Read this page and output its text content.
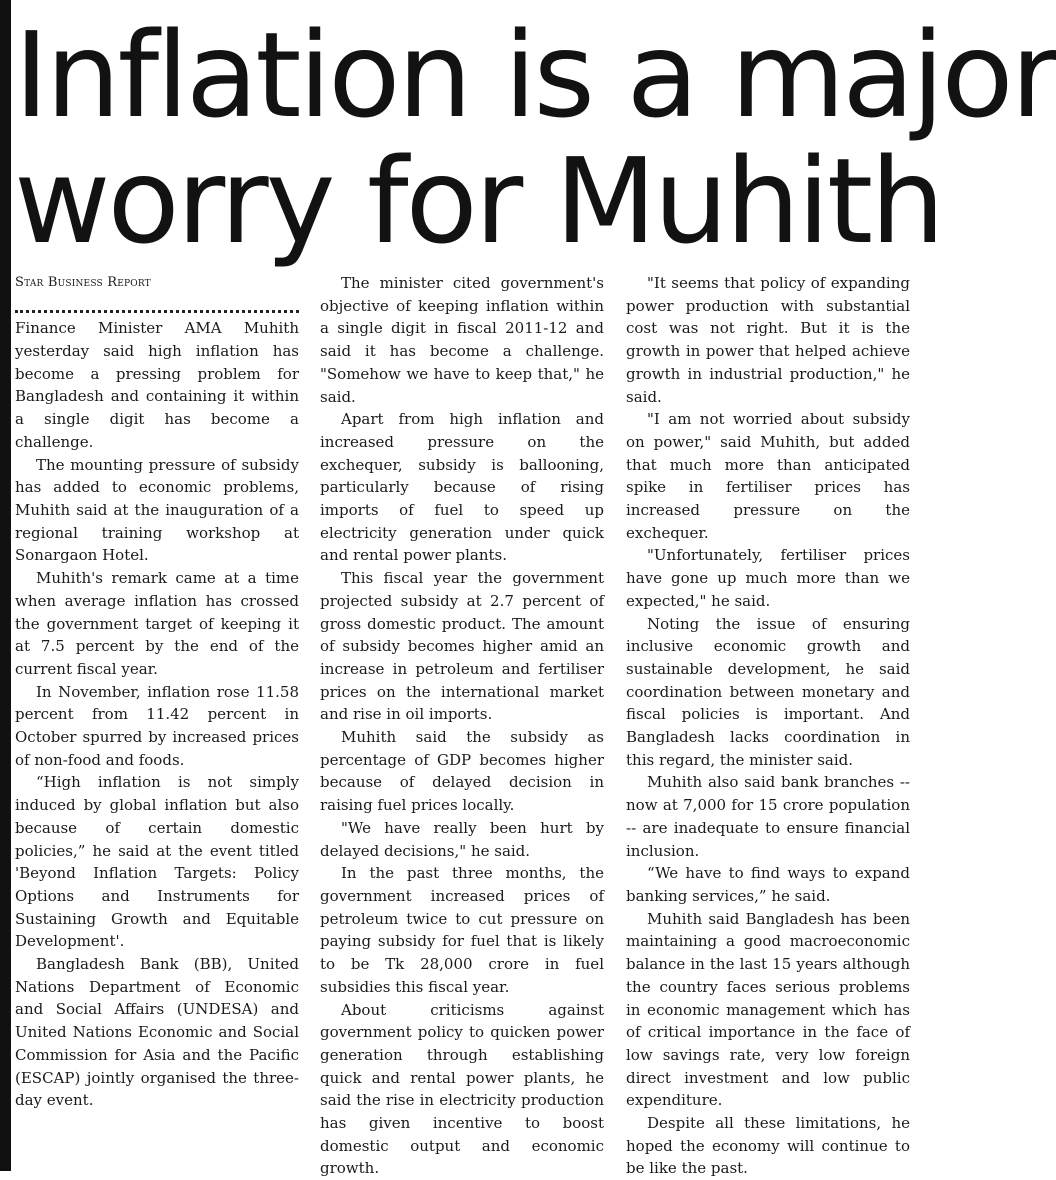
Inflation is a major
worry for Muhith
Star Business Report

Finance Minister AMA Muhith yesterday said high inflation has become a pressing problem for Bangladesh and containing it within a single digit has become a challenge.

The mounting pressure of subsidy has added to economic problems, Muhith said at the inauguration of a regional training workshop at Sonargaon Hotel.

Muhith's remark came at a time when average inflation has crossed the government target of keeping it at 7.5 percent by the end of the current fiscal year.

In November, inflation rose 11.58 percent from 11.42 percent in October spurred by increased prices of non-food and foods.

“High inflation is not simply induced by global inflation but also because of certain domestic policies,” he said at the event titled 'Beyond Inflation Targets: Policy Options and Instruments for Sustaining Growth and Equitable Development'.

Bangladesh Bank (BB), United Nations Department of Economic and Social Affairs (UNDESA) and United Nations Economic and Social Commission for Asia and the Pacific (ESCAP) jointly organised the three-day event.

The minister cited government's objective of keeping inflation within a single digit in fiscal 2011-12 and said it has become a challenge. "Somehow we have to keep that," he said.

Apart from high inflation and increased pressure on the exchequer, subsidy is ballooning, particularly because of rising imports of fuel to speed up electricity generation under quick and rental power plants.

This fiscal year the government projected subsidy at 2.7 percent of gross domestic product. The amount of subsidy becomes higher amid an increase in petroleum and fertiliser prices on the international market and rise in oil imports.

Muhith said the subsidy as percentage of GDP becomes higher because of delayed decision in raising fuel prices locally.

"We have really been hurt by delayed decisions," he said.

In the past three months, the government increased prices of petroleum twice to cut pressure on paying subsidy for fuel that is likely to be Tk 28,000 crore in fuel subsidies this fiscal year.

About criticisms against government policy to quicken power generation through establishing quick and rental power plants, he said the rise in electricity production has given incentive to boost domestic output and economic growth.

"It seems that policy of expanding power production with substantial cost was not right. But it is the growth in power that helped achieve growth in industrial production," he said.

"I am not worried about subsidy on power," said Muhith, but added that much more than anticipated spike in fertiliser prices has increased pressure on the exchequer.

"Unfortunately, fertiliser prices have gone up much more than we expected," he said.

Noting the issue of ensuring inclusive economic growth and sustainable development, he said coordination between monetary and fiscal policies is important. And Bangladesh lacks coordination in this regard, the minister said.

Muhith also said bank branches -- now at 7,000 for 15 crore population -- are inadequate to ensure financial inclusion.

“We have to find ways to expand banking services,” he said.

Muhith said Bangladesh has been maintaining a good macroeconomic balance in the last 15 years although the country faces serious problems in economic management which has of critical importance in the face of low savings rate, very low foreign direct investment and low public expenditure.

Despite all these limitations, he hoped the economy will continue to be like the past.
